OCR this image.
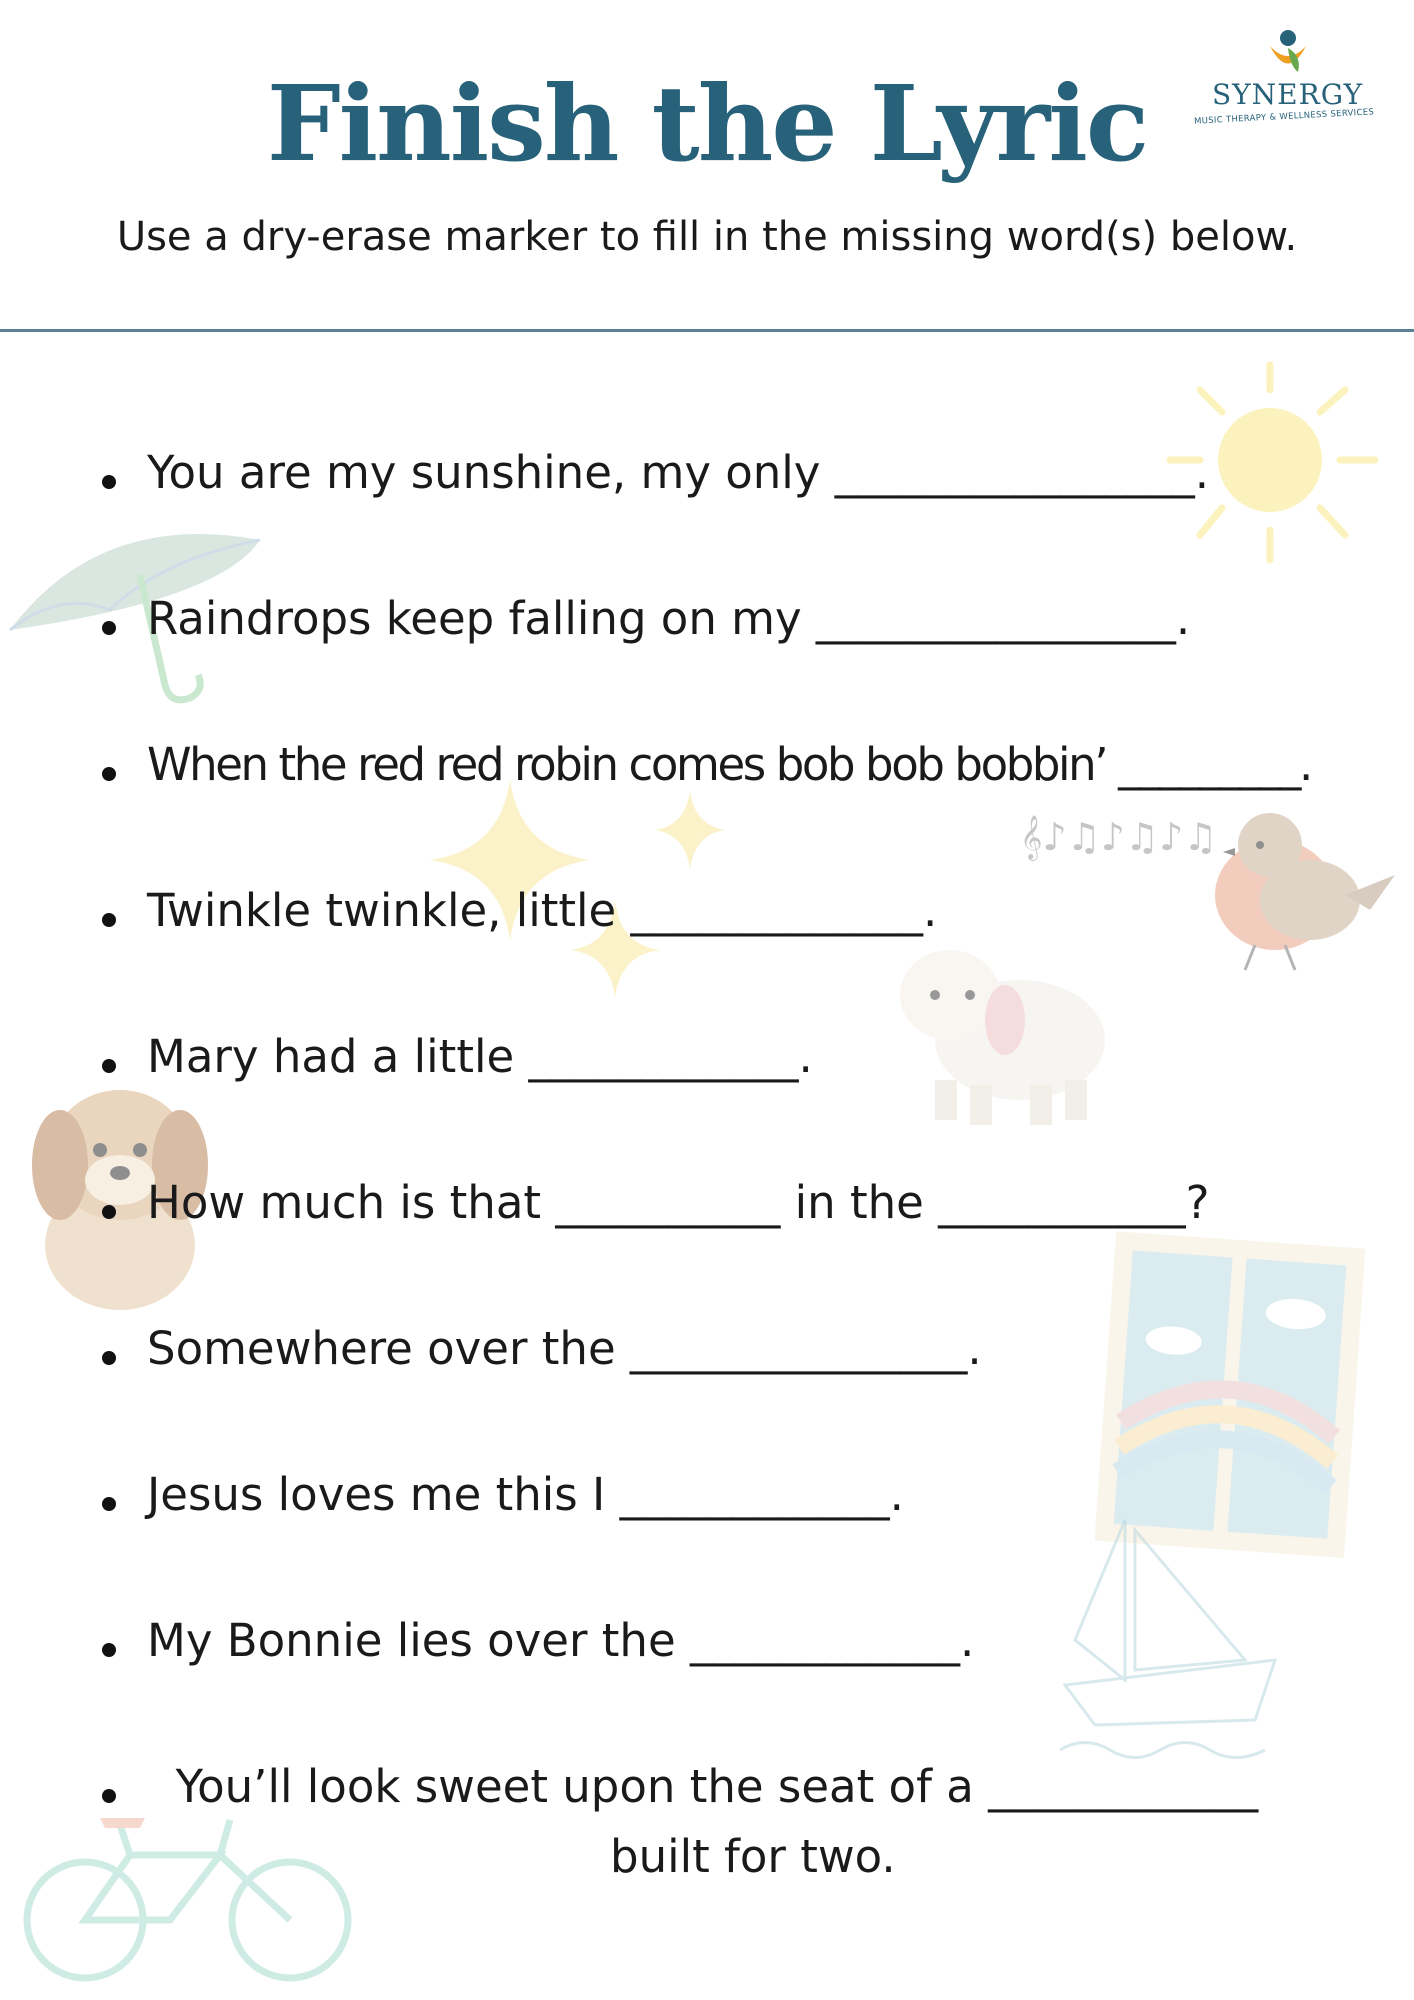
Finish the Lyric

Use a dry-erase marker to fill in the missing word(s) below.

SYNERGY
MUSIC THERAPY & WELLNESS SERVICES
𝄞♪♫♪♫♪♫
You are my sunshine, my only ________________.
Raindrops keep falling on my ________________.
When the red red robin comes bob bob bobbin’ _________.
Twinkle twinkle, little _____________.
Mary had a little ____________.
How much is that __________ in the ___________?
Somewhere over the _______________.
Jesus loves me this I ____________.
My Bonnie lies over the ____________.
You’ll look sweet upon the seat of a ____________
built for two.
